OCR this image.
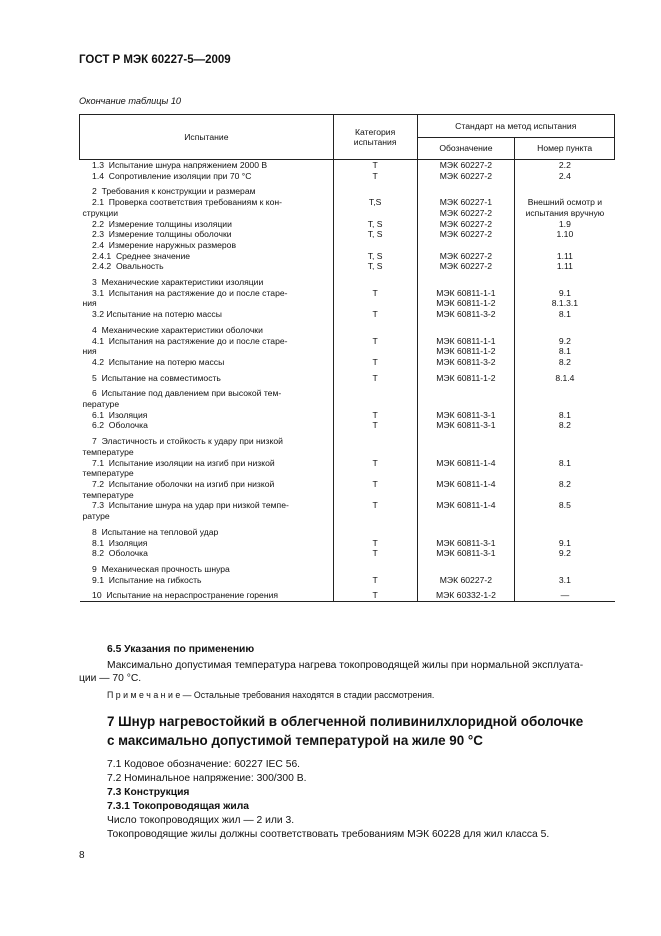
ГОСТ Р МЭК 60227-5—2009
Окончание таблицы 10
Испытание	Категория испытания	Стандарт на метод испытания	
		Обозначение	Номер пункта
1.3  Испытание шнура напряжением 2000 В	Т	МЭК 60227-2	2.2
1.4  Сопротивление изоляции при 70 °С	Т	МЭК 60227-2	2.4

2  Требования к конструкции и размерам			
2.1  Проверка соответствия требованиям к кон-	Т,S	МЭК 60227-1	Внешний осмотр и
струкции		МЭК 60227-2	испытания вручную
2.2  Измерение толщины изоляции	Т, S	МЭК 60227-2	1.9
2.3  Измерение толщины оболочки	Т, S	МЭК 60227-2	1.10
2.4  Измерение наружных размеров			
2.4.1  Среднее значение	Т, S	МЭК 60227-2	1.11
2.4.2  Овальность	Т, S	МЭК 60227-2	1.11

3  Механические характеристики изоляции			
3.1  Испытания на растяжение до и после старе-	Т	МЭК 60811-1-1	9.1
ния		МЭК 60811-1-2	8.1.3.1
3.2 Испытание на потерю массы	Т	МЭК 60811-3-2	8.1

4  Механические характеристики оболочки			
4.1  Испытания на растяжение до и после старе-	Т	МЭК 60811-1-1	9.2
ния		МЭК 60811-1-2	8.1
4.2  Испытание на потерю массы	Т	МЭК 60811-3-2	8.2

5  Испытание на совместимость	Т	МЭК 60811-1-2	8.1.4

6  Испытание под давлением при высокой тем-			
пературе			
6.1  Изоляция	Т	МЭК 60811-3-1	8.1
6.2  Оболочка	Т	МЭК 60811-3-1	8.2

7  Эластичность и стойкость к удару при низкой			
температуре			
7.1  Испытание изоляции на изгиб при низкой	Т	МЭК 60811-1-4	8.1
температуре			
7.2  Испытание оболочки на изгиб при низкой	Т	МЭК 60811-1-4	8.2
температуре			
7.3  Испытание шнура на удар при низкой темпе-	Т	МЭК 60811-1-4	8.5
ратуре			

8  Испытание на тепловой удар			
8.1  Изоляция	Т	МЭК 60811-3-1	9.1
8.2  Оболочка	Т	МЭК 60811-3-1	9.2

9  Механическая прочность шнура			
9.1  Испытание на гибкость	Т	МЭК 60227-2	3.1

10  Испытание на нераспространение горения	Т	МЭК 60332-1-2	—
6.5 Указания по применению
Максимально допустимая температура нагрева токопроводящей жилы при нормальной эксплуата-
ции — 70 °С.
П р и м е ч а н и е — Остальные требования находятся в стадии рассмотрения.
7 Шнур нагревостойкий в облегченной поливинилхлоридной оболочке
с максимально допустимой температурой на жиле 90 °С
7.1 Кодовое обозначение: 60227 IEC 56.
7.2 Номинальное напряжение: 300/300 В.
7.3 Конструкция
7.3.1 Токопроводящая жила
Число токопроводящих жил — 2 или 3.
Токопроводящие жилы должны соответствовать требованиям МЭК 60228 для жил класса 5.
8
